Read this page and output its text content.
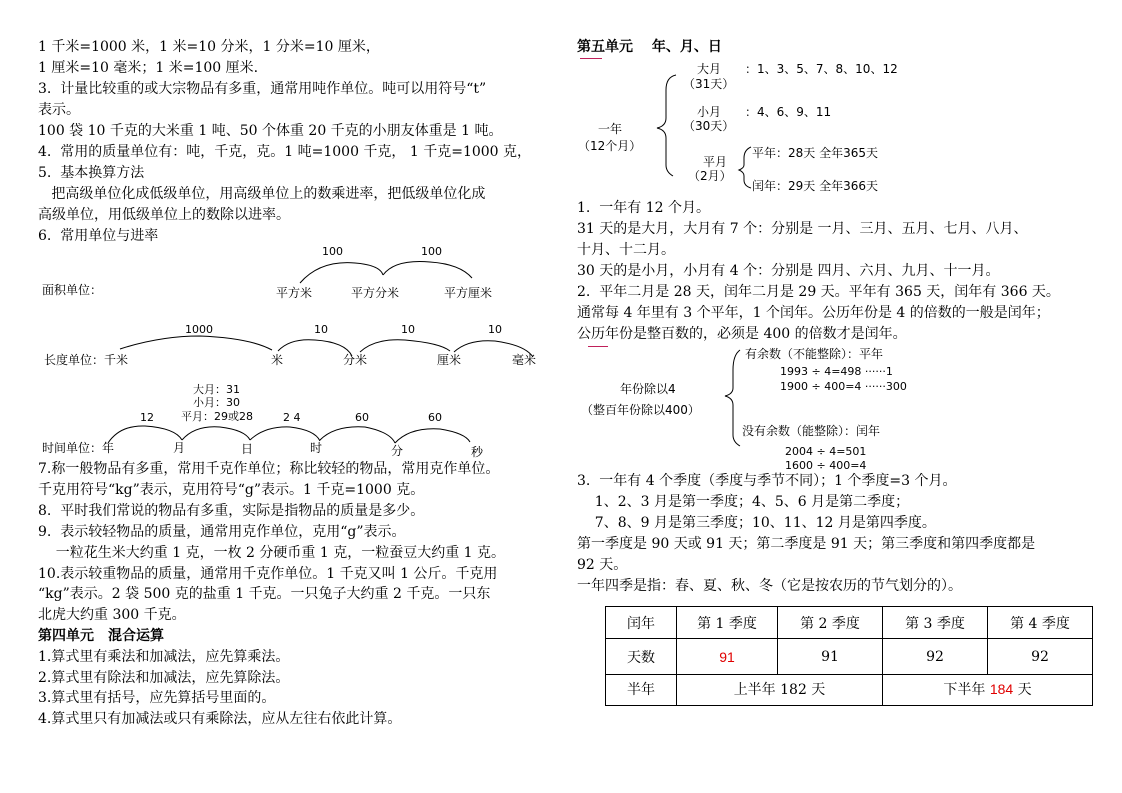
1 千米=1000 米，1 米=10 分米，1 分米=10 厘米，
1 厘米=10 毫米；1 米=100 厘米.
3.  计量比较重的或大宗物品有多重，通常用吨作单位。吨可以用符号“t”
表示。
100 袋 10 千克的大米重 1 吨、50 个体重 20 千克的小朋友体重是 1 吨。
4.  常用的质量单位有：吨，千克，克。1 吨=1000 千克， 1 千克=1000 克，
5.  基本换算方法
把高级单位化成低级单位，用高级单位上的数乘进率，把低级单位化成
高级单位，用低级单位上的数除以进率。
6.  常用单位与进率
面积单位：	平方米	平方分米	平方厘米
100	100
长度单位：千米	米	分米	厘米	毫米
1000	10	10	10
时间单位：年	月	日	时	分	秒
12	2 4	60	60
大月：31
小月：30
平月：29或28
7.称一般物品有多重，常用千克作单位；称比较轻的物品，常用克作单位。
千克用符号“kg”表示，克用符号“g”表示。1 千克=1000 克。
8.  平时我们常说的物品有多重，实际是指物品的质量是多少。
9.  表示较轻物品的质量，通常用克作单位，克用“g”表示。
一粒花生米大约重 1 克，一枚 2 分硬币重 1 克，一粒蚕豆大约重 1 克。
10.表示较重物品的质量，通常用千克作单位。1 千克又叫 1 公斤。千克用
“kg”表示。2 袋 500 克的盐重 1 千克。一只兔子大约重 2 千克。一只东
北虎大约重 300 千克。
第四单元　混合运算
1.算式里有乘法和加减法，应先算乘法。
2.算式里有除法和加减法，应先算除法。
3.算式里有括号，应先算括号里面的。
4.算式里只有加减法或只有乘除法，应从左往右依此计算。
第五单元　 年、月、日
一年
（12个月）
大月
（31天）
：1、3、5、7、8、10、12
小月
（30天）
：4、6、9、11
平月
（2月）
平年：28天 全年365天
闰年：29天 全年366天
1.  一年有 12 个月。
31 天的是大月，大月有 7 个：分别是 一月、三月、五月、七月、八月、
十月、十二月。
30 天的是小月，小月有 4 个：分别是 四月、六月、九月、十一月。
2.  平年二月是 28 天，闰年二月是 29 天。平年有 365 天，闰年有 366 天。
通常每 4 年里有 3 个平年，1 个闰年。公历年份是 4 的倍数的一般是闰年；
公历年份是整百数的，必须是 400 的倍数才是闰年。
年份除以4
（整百年份除以400）
有余数（不能整除）：平年
1993 ÷ 4=498 ······1
1900 ÷ 400=4 ······300
没有余数（能整除）：闰年
2004 ÷ 4=501
1600 ÷ 400=4
3.  一年有 4 个季度（季度与季节不同）；1 个季度=3 个月。
1、2、3 月是第一季度；4、5、6 月是第二季度；
7、8、9 月是第三季度；10、11、12 月是第四季度。
第一季度是 90 天或 91 天；第二季度是 91 天；第三季度和第四季度都是
92 天。
一年四季是指：春、夏、秋、冬（它是按农历的节气划分的）。
闰年	第 1 季度	第 2 季度	第 3 季度	第 4 季度
天数	91	91	92	92
半年	上半年 182 天		下半年 184 天	
